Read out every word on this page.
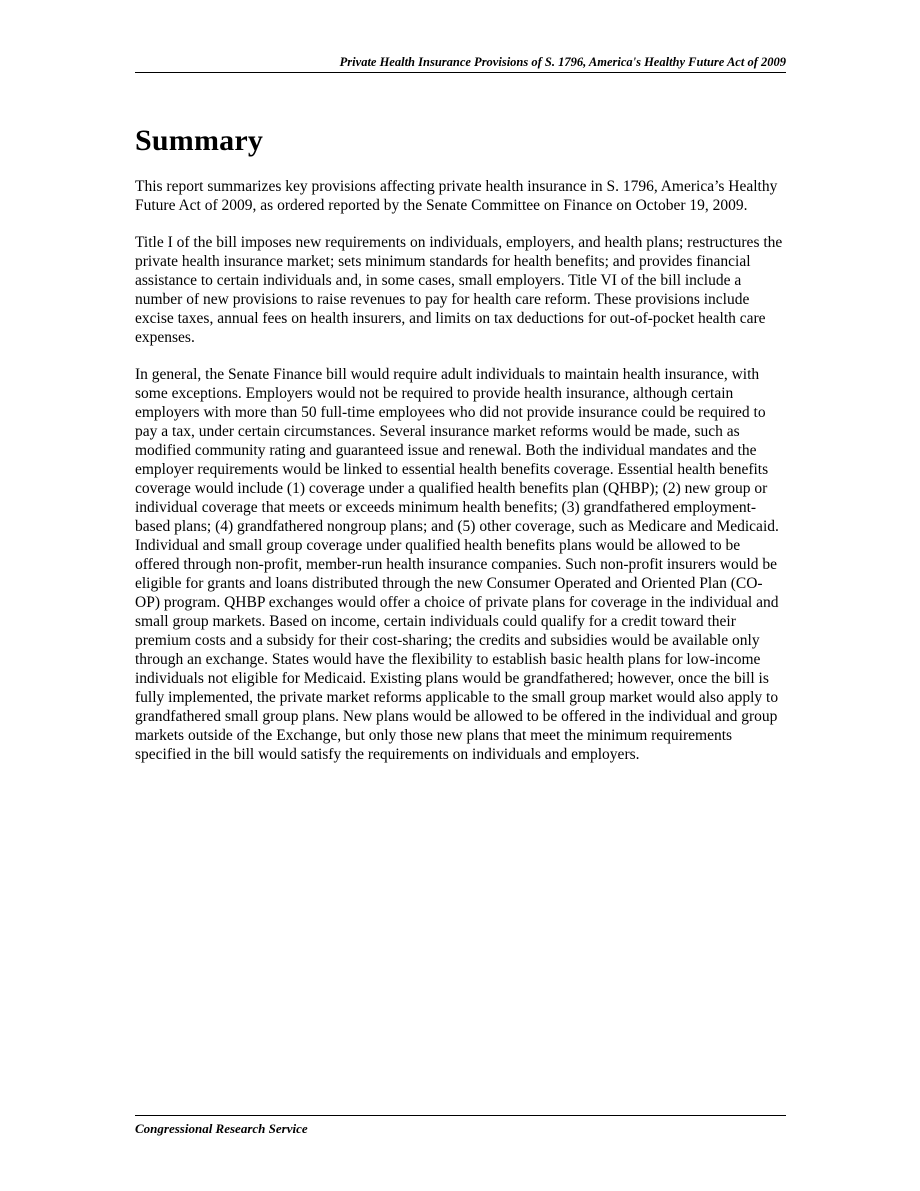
Private Health Insurance Provisions of S. 1796, America's Healthy Future Act of 2009
Summary

This report summarizes key provisions affecting private health insurance in S. 1796, America’s Healthy Future Act of 2009, as ordered reported by the Senate Committee on Finance on October 19, 2009.

Title I of the bill imposes new requirements on individuals, employers, and health plans; restructures the private health insurance market; sets minimum standards for health benefits; and provides financial assistance to certain individuals and, in some cases, small employers. Title VI of the bill include a number of new provisions to raise revenues to pay for health care reform. These provisions include excise taxes, annual fees on health insurers, and limits on tax deductions for out-of-pocket health care expenses.

In general, the Senate Finance bill would require adult individuals to maintain health insurance, with some exceptions. Employers would not be required to provide health insurance, although certain employers with more than 50 full-time employees who did not provide insurance could be required to pay a tax, under certain circumstances. Several insurance market reforms would be made, such as modified community rating and guaranteed issue and renewal. Both the individual mandates and the employer requirements would be linked to essential health benefits coverage. Essential health benefits coverage would include (1) coverage under a qualified health benefits plan (QHBP); (2) new group or individual coverage that meets or exceeds minimum health benefits; (3) grandfathered employment-based plans; (4) grandfathered nongroup plans; and (5) other coverage, such as Medicare and Medicaid. Individual and small group coverage under qualified health benefits plans would be allowed to be offered through non-profit, member-run health insurance companies. Such non-profit insurers would be eligible for grants and loans distributed through the new Consumer Operated and Oriented Plan (CO-OP) program. QHBP exchanges would offer a choice of private plans for coverage in the individual and small group markets. Based on income, certain individuals could qualify for a credit toward their premium costs and a subsidy for their cost-sharing; the credits and subsidies would be available only through an exchange. States would have the flexibility to establish basic health plans for low-income individuals not eligible for Medicaid. Existing plans would be grandfathered; however, once the bill is fully implemented, the private market reforms applicable to the small group market would also apply to grandfathered small group plans. New plans would be allowed to be offered in the individual and group markets outside of the Exchange, but only those new plans that meet the minimum requirements specified in the bill would satisfy the requirements on individuals and employers.

Congressional Research Service
